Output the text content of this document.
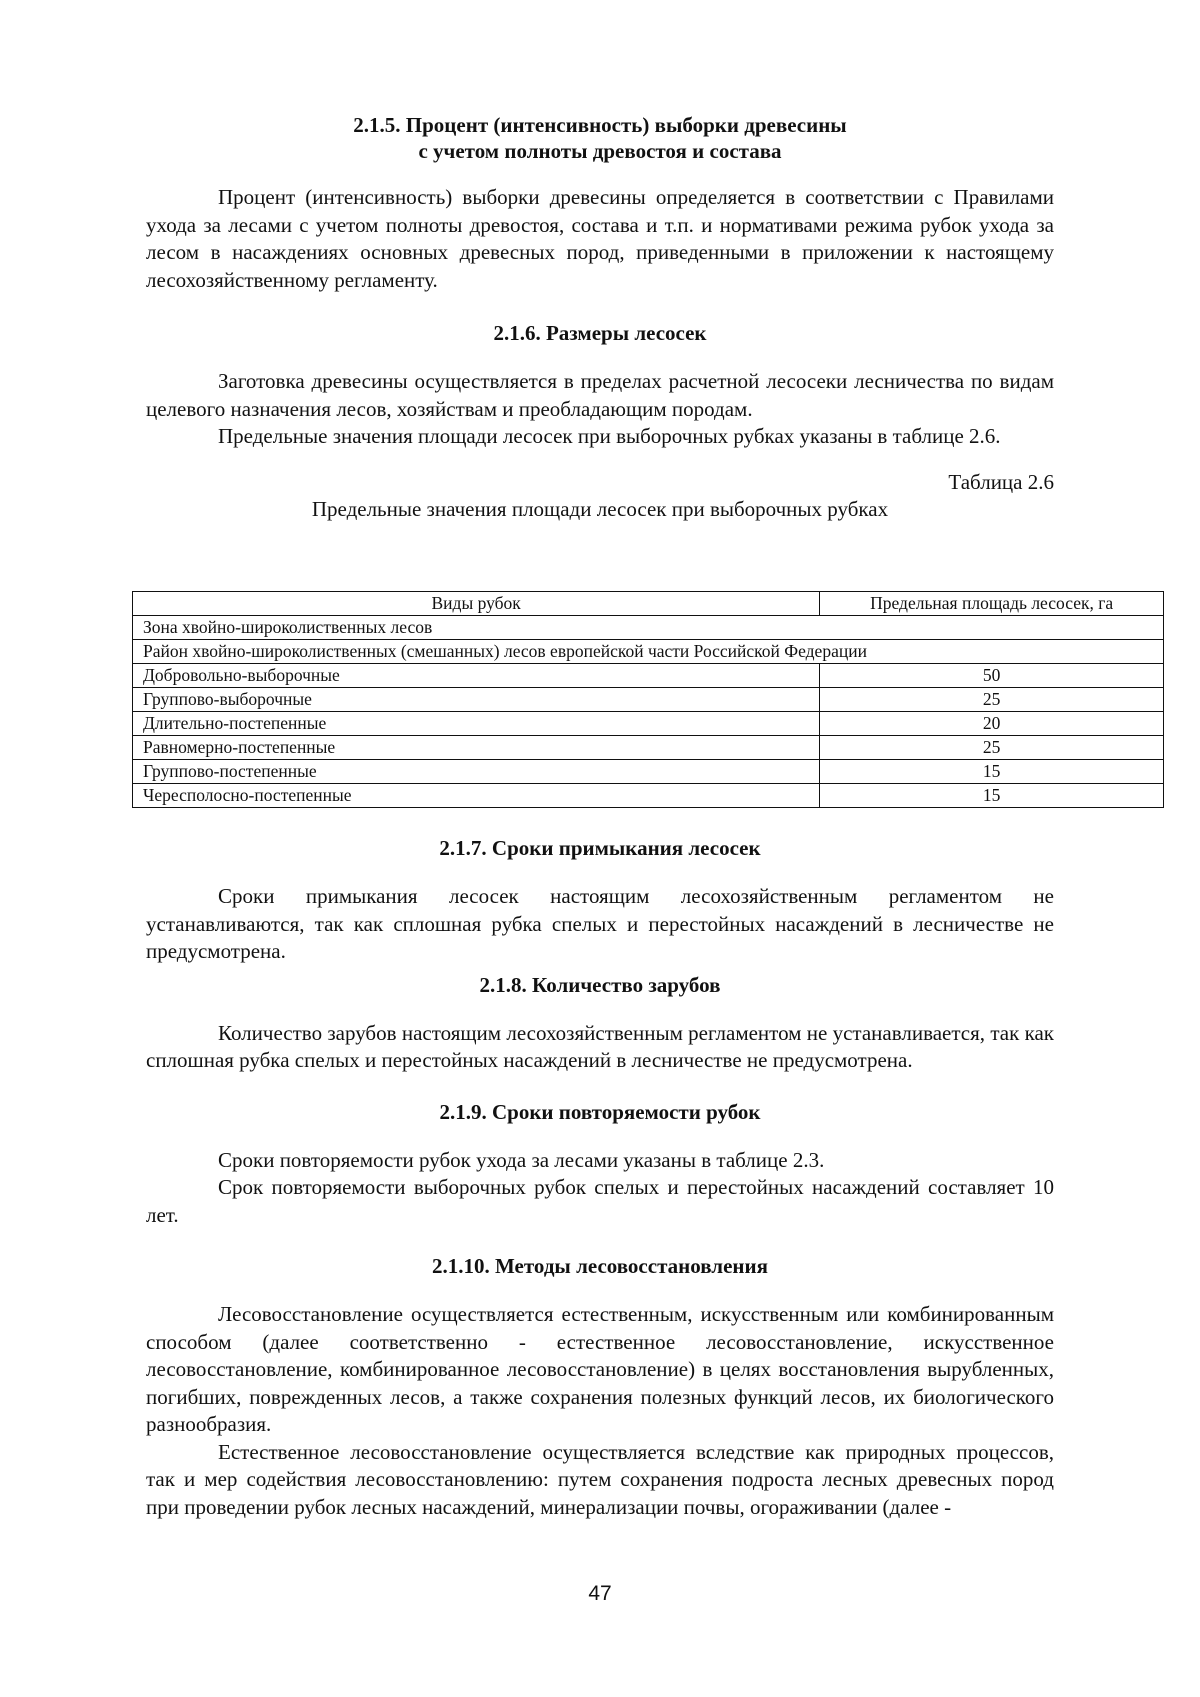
2.1.5. Процент (интенсивность) выборки древесины
с учетом полноты древостоя и состава

Процент (интенсивность) выборки древесины определяется в соответствии с Правилами ухода за лесами с учетом полноты древостоя, состава и т.п. и нормативами режима рубок ухода за лесом в насаждениях основных древесных пород, приведенными в приложении к настоящему лесохозяйственному регламенту.

2.1.6. Размеры лесосек

Заготовка древесины осуществляется в пределах расчетной лесосеки лесничества по видам целевого назначения лесов, хозяйствам и преобладающим породам.

Предельные значения площади лесосек при выборочных рубках указаны в таблице 2.6.

Таблица 2.6
Предельные значения площади лесосек при выборочных рубках
Виды рубок	Предельная площадь лесосек, га
Зона хвойно-широколиственных лесов	
Район хвойно-широколиственных (смешанных) лесов европейской части Российской Федерации	
Добровольно-выборочные	50
Группово-выборочные	25
Длительно-постепенные	20
Равномерно-постепенные	25
Группово-постепенные	15
Чересполосно-постепенные	15
2.1.7. Сроки примыкания лесосек

Сроки примыкания лесосек настоящим лесохозяйственным регламентом не устанавливаются, так как сплошная рубка спелых и перестойных насаждений в лесничестве не предусмотрена.

2.1.8. Количество зарубов

Количество зарубов настоящим лесохозяйственным регламентом не устанавливается, так как сплошная рубка спелых и перестойных насаждений в лесничестве не предусмотрена.

2.1.9. Сроки повторяемости рубок

Сроки повторяемости рубок ухода за лесами указаны в таблице 2.3.

Срок повторяемости выборочных рубок спелых и перестойных насаждений составляет 10 лет.

2.1.10. Методы лесовосстановления

Лесовосстановление осуществляется естественным, искусственным или комбинированным способом (далее соответственно - естественное лесовосстановление, искусственное лесовосстановление, комбинированное лесовосстановление) в целях восстановления вырубленных, погибших, поврежденных лесов, а также сохранения полезных функций лесов, их биологического разнообразия.

Естественное лесовосстановление осуществляется вследствие как природных процессов, так и мер содействия лесовосстановлению: путем сохранения подроста лесных древесных пород при проведении рубок лесных насаждений, минерализации почвы, огораживании (далее -

47
